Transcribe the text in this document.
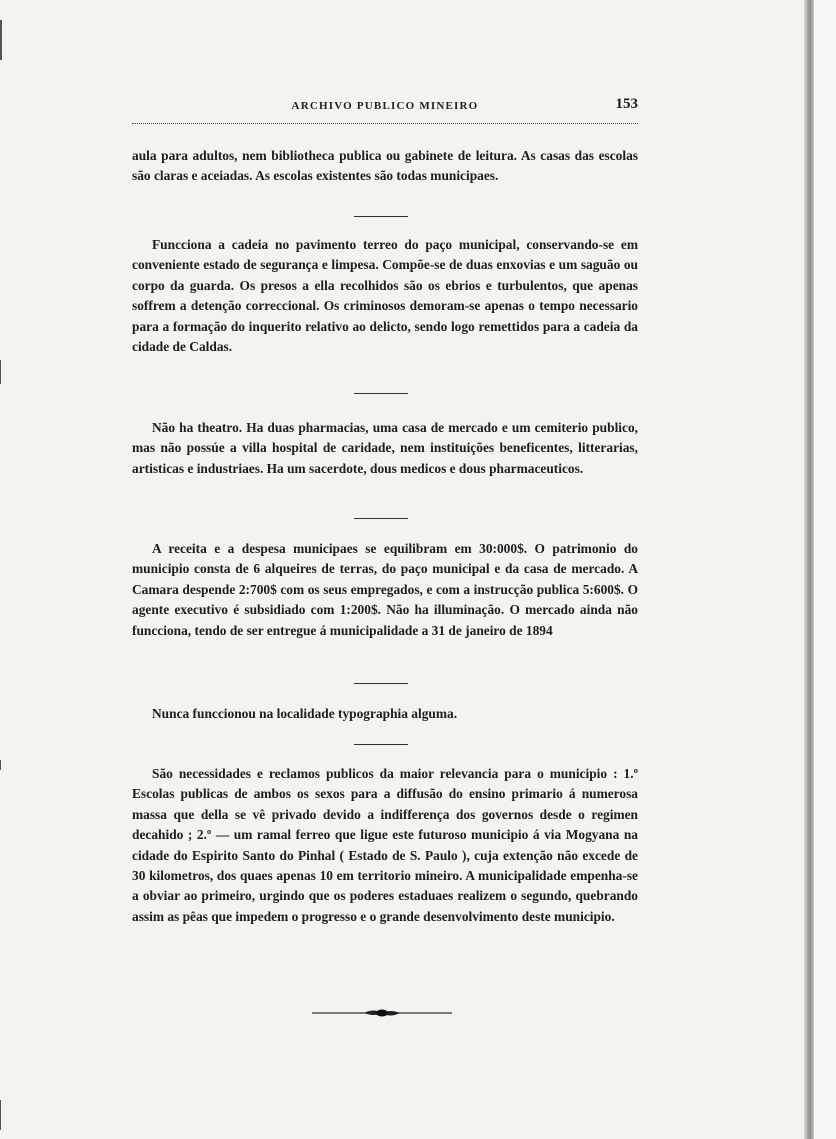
ARCHIVO PUBLICO MINEIRO	153

aula para adultos, nem bibliotheca publica ou gabinete de leitura. As casas das escolas são claras e aceiadas. As escolas existentes são todas municipaes.

Funcciona a cadeia no pavimento terreo do paço municipal, conservando-se em conveniente estado de segurança e limpesa. Compõe-se de duas enxovias e um saguão ou corpo da guarda. Os presos a ella recolhidos são os ebrios e turbulentos, que apenas soffrem a detenção correccional. Os criminosos demoram-se apenas o tempo necessario para a formação do inquerito relativo ao delicto, sendo logo remettidos para a cadeia da cidade de Caldas.

Não ha theatro. Ha duas pharmacias, uma casa de mercado e um cemiterio publico, mas não possúe a villa hospital de caridade, nem instituições beneficentes, litterarias, artisticas e industriaes. Ha um sacerdote, dous medicos e dous pharmaceuticos.

A receita e a despesa municipaes se equilibram em 30:000$. O patrimonio do municipio consta de 6 alqueires de terras, do paço municipal e da casa de mercado. A Camara despende 2:700$ com os seus empregados, e com a instrucção publica 5:600$. O agente executivo é subsidiado com 1:200$. Não ha illuminação. O mercado ainda não funcciona, tendo de ser entregue á municipalidade a 31 de janeiro de 1894

Nunca funccionou na localidade typographia alguma.

São necessidades e reclamos publicos da maior relevancia para o municipio : 1.º Escolas publicas de ambos os sexos para a diffusão do ensino primario á numerosa massa que della se vê privado devido a indifferença dos governos desde o regimen decahido ; 2.º — um ramal ferreo que ligue este futuroso municipio á via Mogyana na cidade do Espirito Santo do Pinhal ( Estado de S. Paulo ), cuja extenção não excede de 30 kilometros, dos quaes apenas 10 em territorio mineiro. A municipalidade empenha-se a obviar ao primeiro, urgindo que os poderes estaduaes realizem o segundo, quebrando assim as pêas que impedem o progresso e o grande desenvolvimento deste municipio.
